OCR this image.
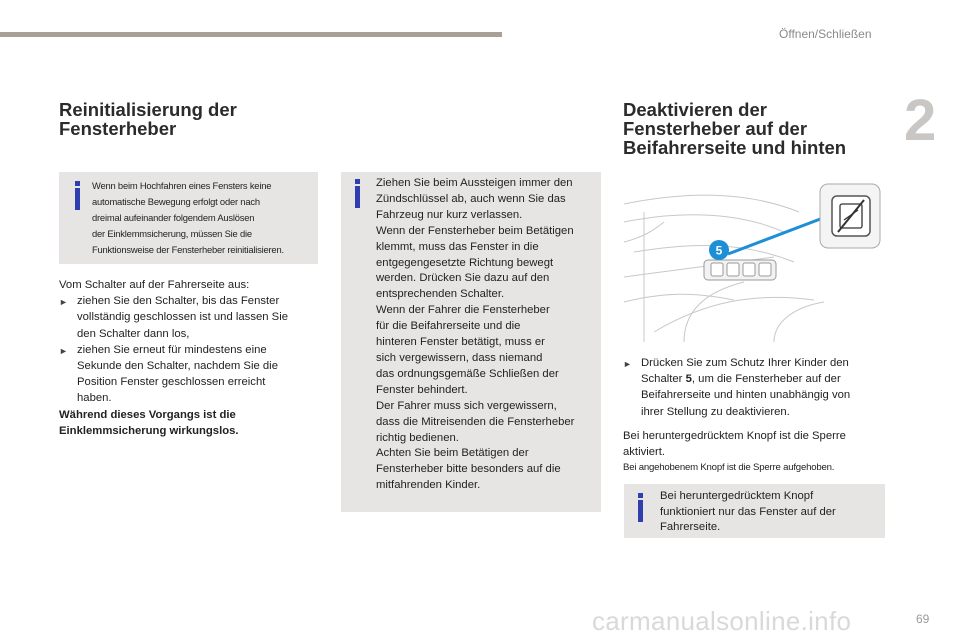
Öffnen/Schließen
2
Reinitialisierung der
Fensterheber
Wenn beim Hochfahren eines Fensters keine
automatische Bewegung erfolgt oder nach
dreimal aufeinander folgendem Auslösen
der Einklemmsicherung, müssen Sie die
Funktionsweise der Fensterheber reinitialisieren.
Vom Schalter auf der Fahrerseite aus:
► ziehen Sie den Schalter, bis das Fenster
vollständig geschlossen ist und lassen Sie
den Schalter dann los,
► ziehen Sie erneut für mindestens eine
Sekunde den Schalter, nachdem Sie die
Position Fenster geschlossen erreicht
haben.
Während dieses Vorgangs ist die
Einklemmsicherung wirkungslos.
Ziehen Sie beim Aussteigen immer den
Zündschlüssel ab, auch wenn Sie das
Fahrzeug nur kurz verlassen.
Wenn der Fensterheber beim Betätigen
klemmt, muss das Fenster in die
entgegengesetzte Richtung bewegt
werden. Drücken Sie dazu auf den
entsprechenden Schalter.
Wenn der Fahrer die Fensterheber
für die Beifahrerseite und die
hinteren Fenster betätigt, muss er
sich vergewissern, dass niemand
das ordnungsgemäße Schließen der
Fenster behindert.
Der Fahrer muss sich vergewissern,
dass die Mitreisenden die Fensterheber
richtig bedienen.
Achten Sie beim Betätigen der
Fensterheber bitte besonders auf die
mitfahrenden Kinder.
Deaktivieren der
Fensterheber auf der
Beifahrerseite und hinten
5
► Drücken Sie zum Schutz Ihrer Kinder den
Schalter 5, um die Fensterheber auf der
Beifahrerseite und hinten unabhängig von
ihrer Stellung zu deaktivieren.
Bei heruntergedrücktem Knopf ist die Sperre
aktiviert.
Bei angehobenem Knopf ist die Sperre aufgehoben.
Bei heruntergedrücktem Knopf
funktioniert nur das Fenster auf der
Fahrerseite.
carmanualsonline.info	69
